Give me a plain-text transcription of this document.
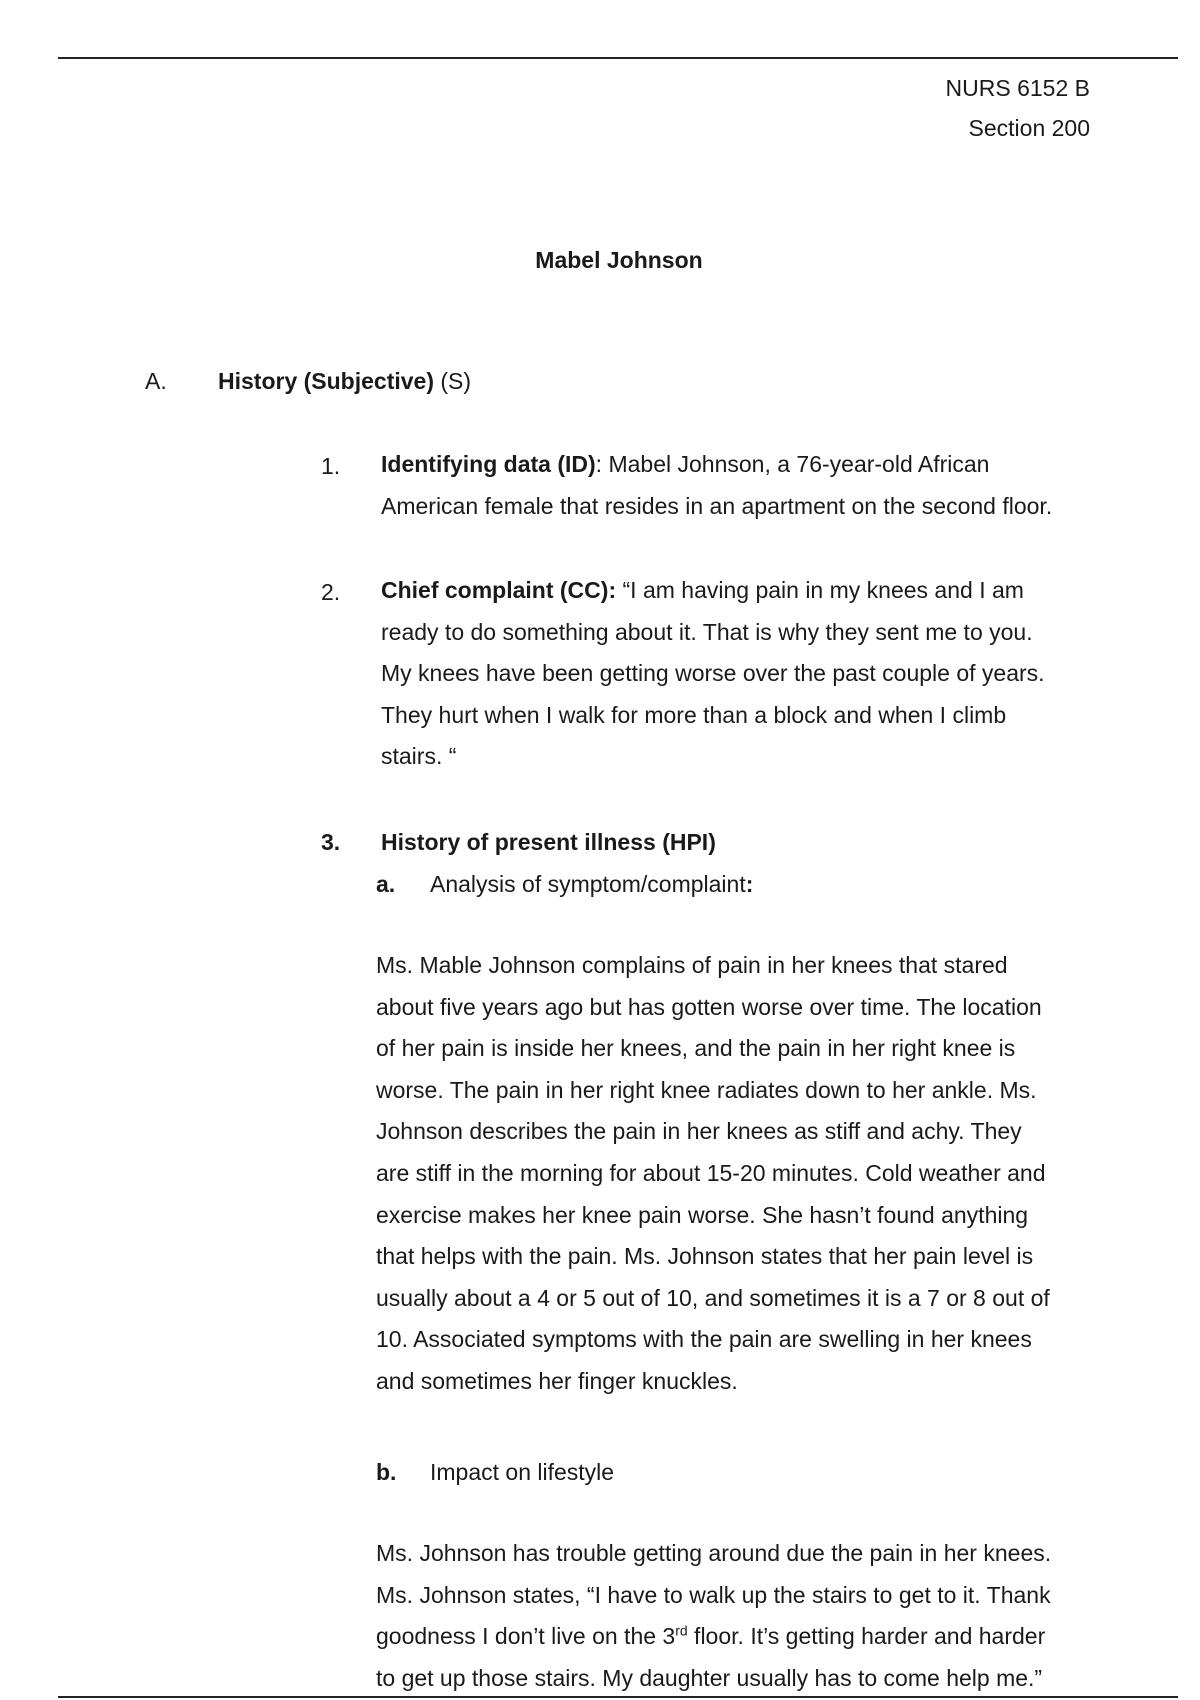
NURS 6152 B
Section 200
Mabel Johnson
A. History (Subjective) (S)
1. Identifying data (ID): Mabel Johnson, a 76-year-old African
American female that resides in an apartment on the second floor.

2. Chief complaint (CC): “I am having pain in my knees and I am
ready to do something about it. That is why they sent me to you.
My knees have been getting worse over the past couple of years.
They hurt when I walk for more than a block and when I climb
stairs. “

3. History of present illness (HPI)
a. Analysis of symptom/complaint:

Ms. Mable Johnson complains of pain in her knees that stared
about five years ago but has gotten worse over time. The location
of her pain is inside her knees, and the pain in her right knee is
worse. The pain in her right knee radiates down to her ankle. Ms.
Johnson describes the pain in her knees as stiff and achy. They
are stiff in the morning for about 15-20 minutes. Cold weather and
exercise makes her knee pain worse. She hasn’t found anything
that helps with the pain. Ms. Johnson states that her pain level is
usually about a 4 or 5 out of 10, and sometimes it is a 7 or 8 out of
10. Associated symptoms with the pain are swelling in her knees
and sometimes her finger knuckles.

b. Impact on lifestyle

Ms. Johnson has trouble getting around due the pain in her knees.
Ms. Johnson states, “I have to walk up the stairs to get to it. Thank
goodness I don’t live on the 3rd floor. It’s getting harder and harder
to get up those stairs. My daughter usually has to come help me.”
